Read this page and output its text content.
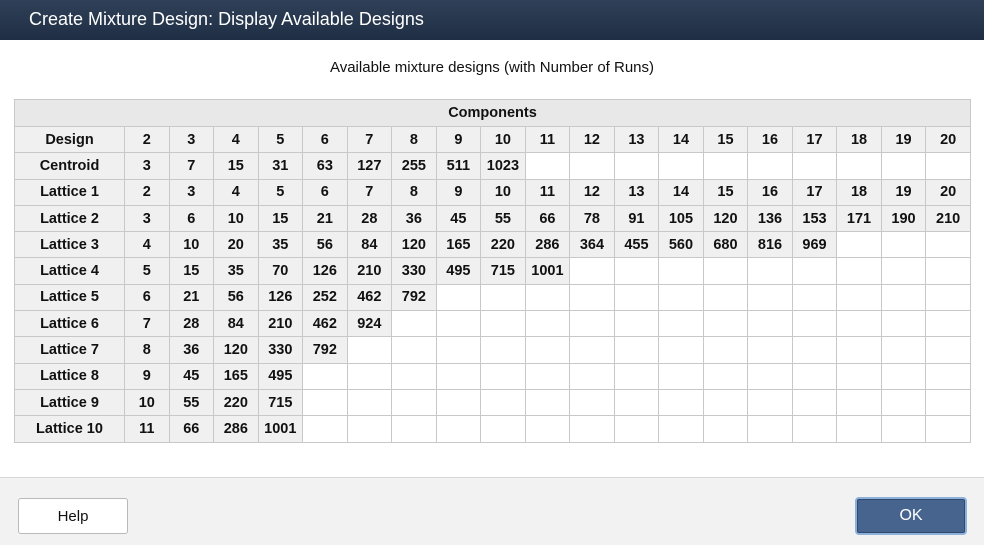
Create Mixture Design: Display Available Designs
Available mixture designs (with Number of Runs)
Components																			
Design	2	3	4	5	6	7	8	9	10	11	12	13	14	15	16	17	18	19	20
Centroid	3	7	15	31	63	127	255	511	1023										
Lattice 1	2	3	4	5	6	7	8	9	10	11	12	13	14	15	16	17	18	19	20
Lattice 2	3	6	10	15	21	28	36	45	55	66	78	91	105	120	136	153	171	190	210
Lattice 3	4	10	20	35	56	84	120	165	220	286	364	455	560	680	816	969			
Lattice 4	5	15	35	70	126	210	330	495	715	1001									
Lattice 5	6	21	56	126	252	462	792												
Lattice 6	7	28	84	210	462	924													
Lattice 7	8	36	120	330	792														
Lattice 8	9	45	165	495															
Lattice 9	10	55	220	715															
Lattice 10	11	66	286	1001															
Help	OK
